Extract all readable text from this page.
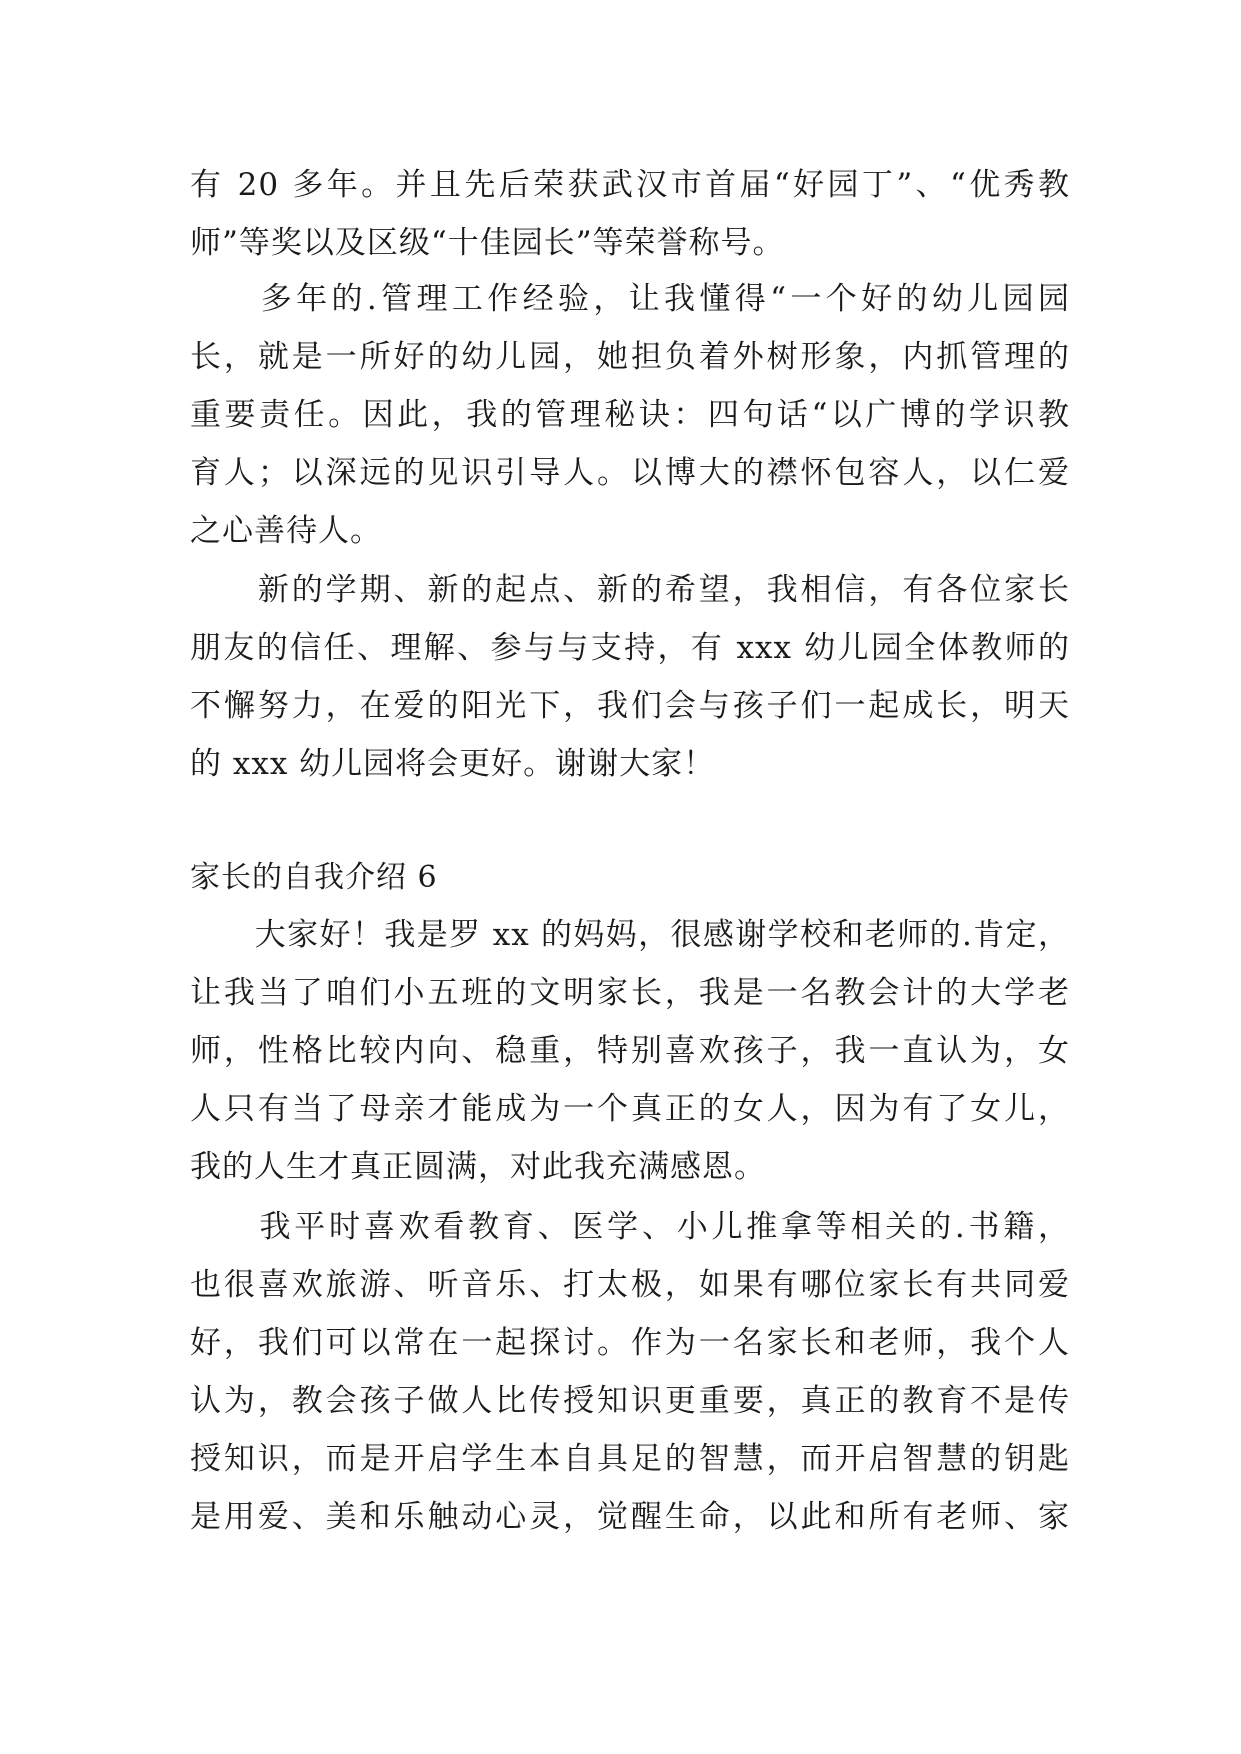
有 20 多年。并且先后荣获武汉市首届“好园丁”、“优秀教
师”等奖以及区级“十佳园长”等荣誉称号。
　　多年的.管理工作经验，让我懂得“一个好的幼儿园园
长，就是一所好的幼儿园，她担负着外树形象，内抓管理的
重要责任。因此，我的管理秘诀：四句话“以广博的学识教
育人；以深远的见识引导人。以博大的襟怀包容人，以仁爱
之心善待人。
　　新的学期、新的起点、新的希望，我相信，有各位家长
朋友的信任、理解、参与与支持，有 xxx 幼儿园全体教师的
不懈努力，在爱的阳光下，我们会与孩子们一起成长，明天
的 xxx 幼儿园将会更好。谢谢大家！
家长的自我介绍 6
　　大家好！我是罗 xx 的妈妈，很感谢学校和老师的.肯定，
让我当了咱们小五班的文明家长，我是一名教会计的大学老
师，性格比较内向、稳重，特别喜欢孩子，我一直认为，女
人只有当了母亲才能成为一个真正的女人，因为有了女儿，
我的人生才真正圆满，对此我充满感恩。
　　我平时喜欢看教育、医学、小儿推拿等相关的.书籍，
也很喜欢旅游、听音乐、打太极，如果有哪位家长有共同爱
好，我们可以常在一起探讨。作为一名家长和老师，我个人
认为，教会孩子做人比传授知识更重要，真正的教育不是传
授知识，而是开启学生本自具足的智慧，而开启智慧的钥匙
是用爱、美和乐触动心灵，觉醒生命，以此和所有老师、家
